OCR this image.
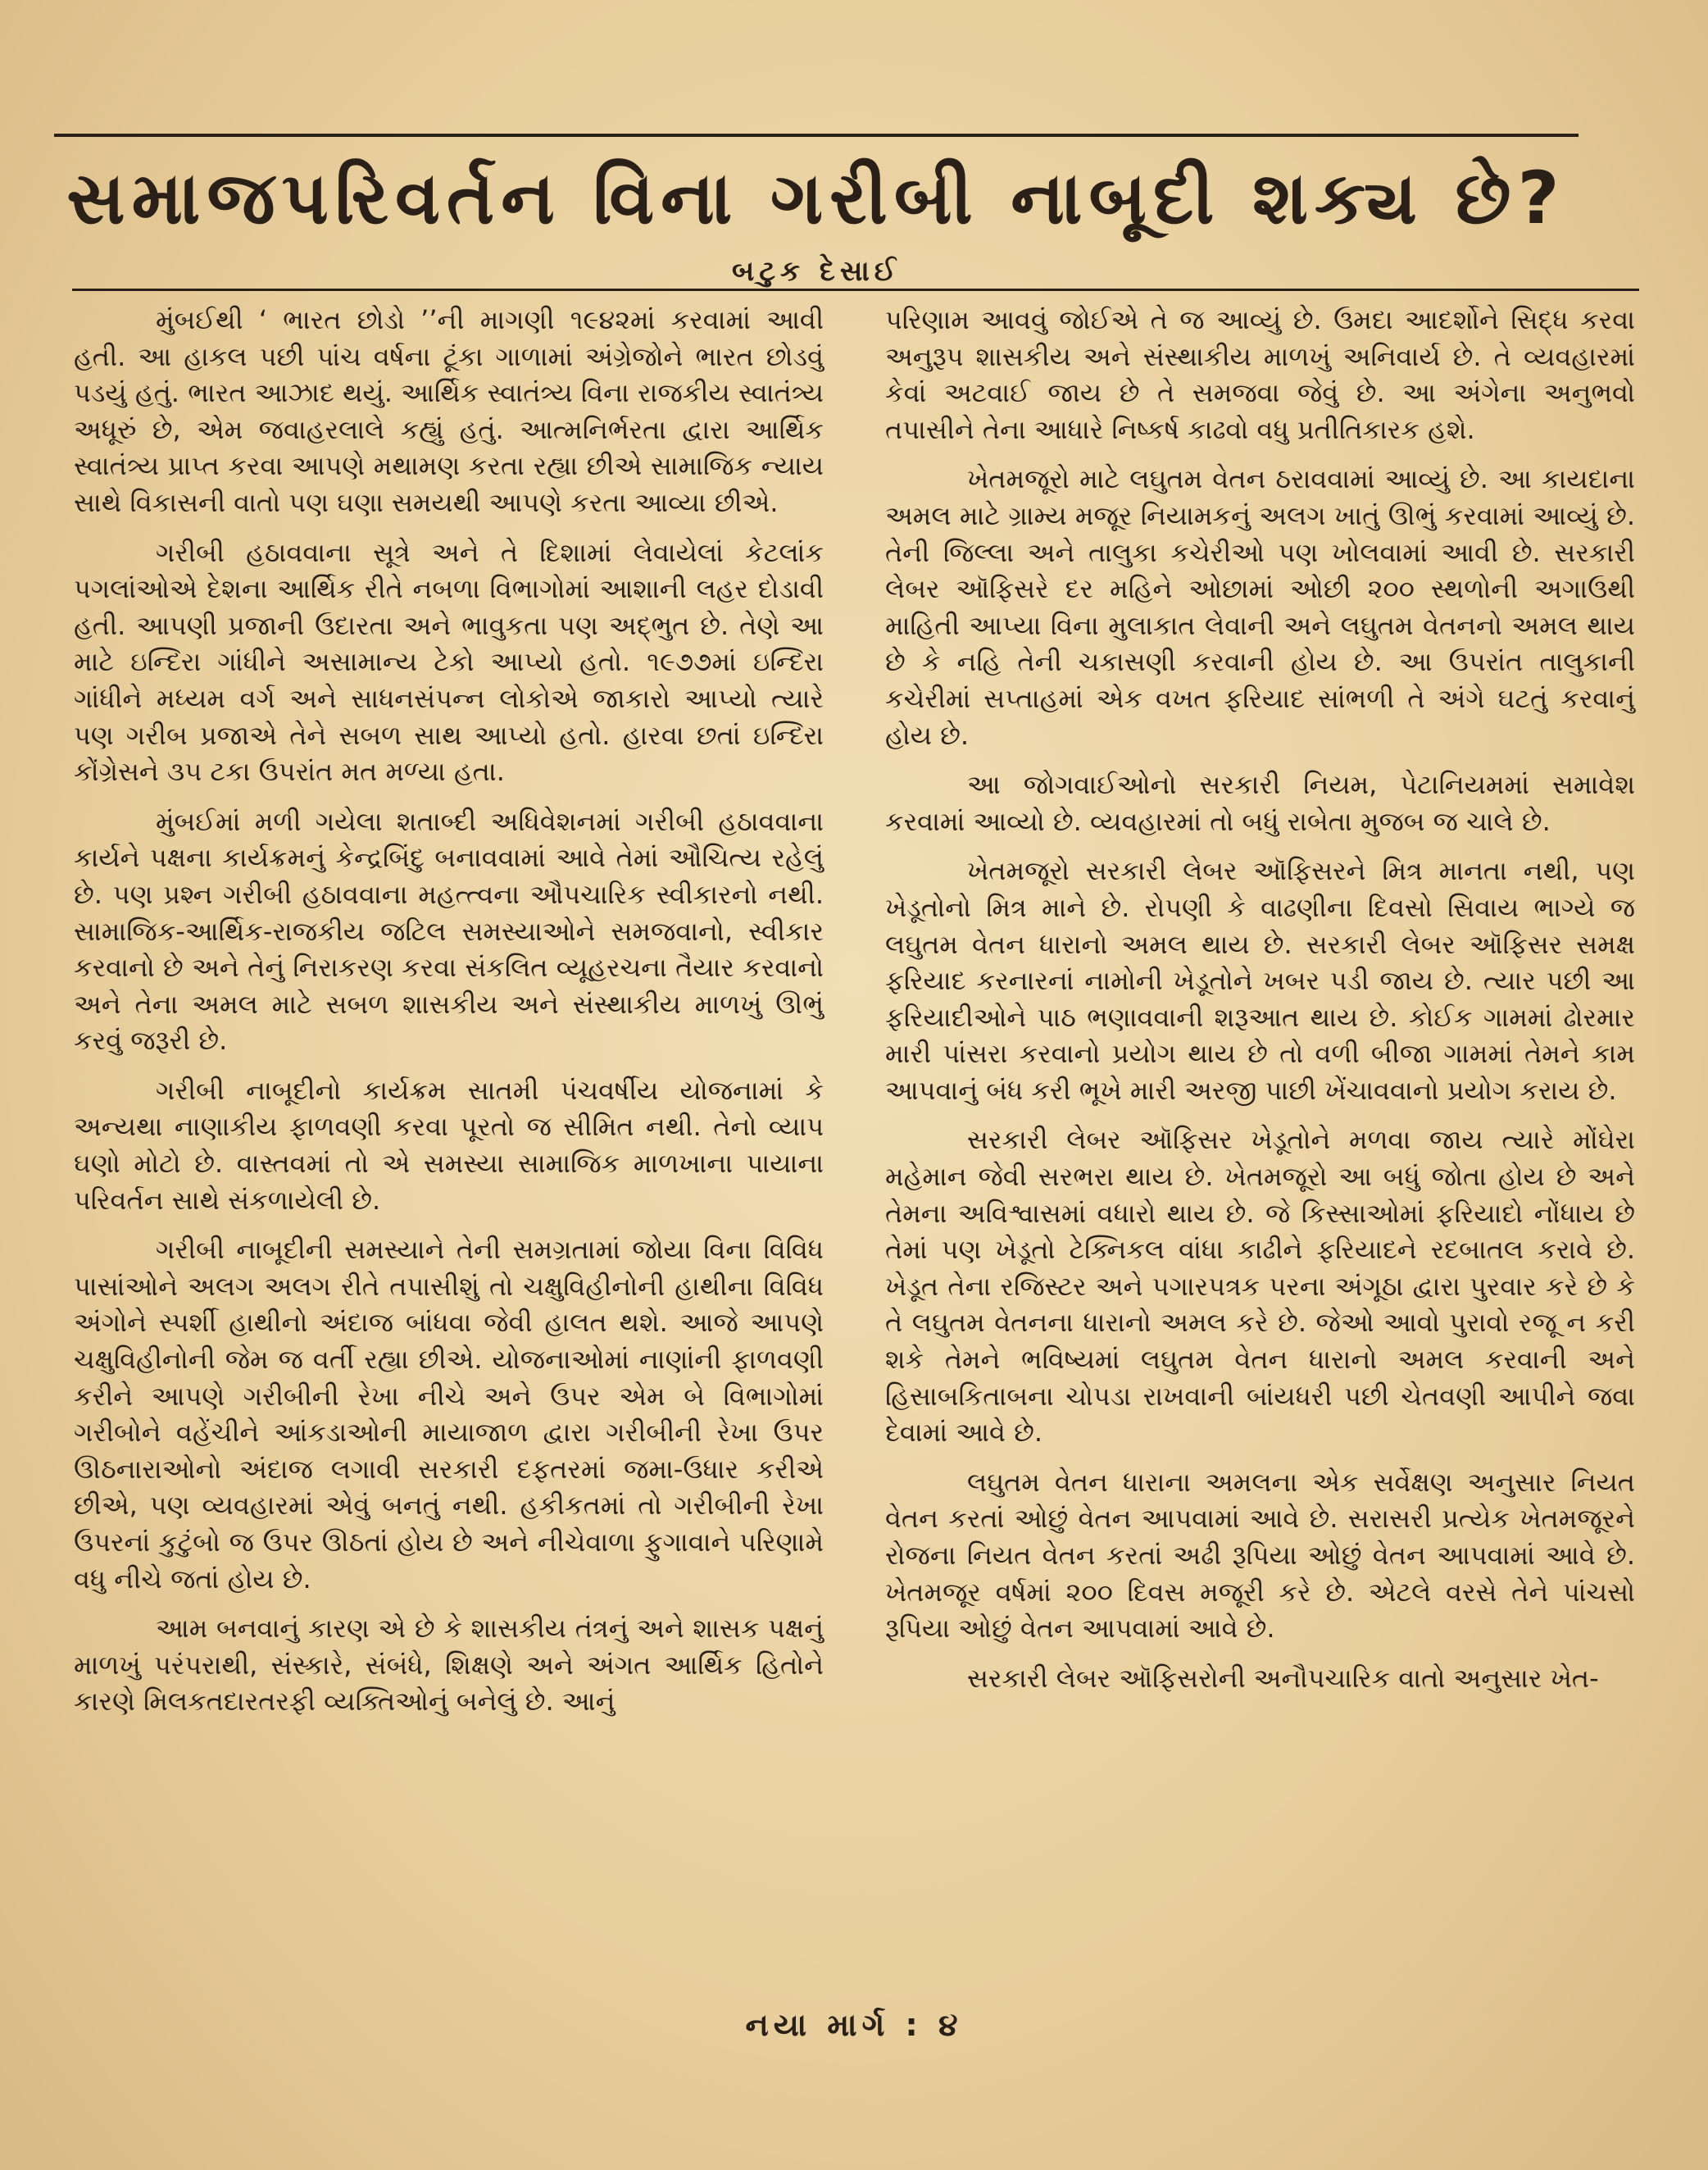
સમાજપરિવર્તન વિના ગરીબી નાબૂદી શક્ય છે?
બટુક દેસાઈ

મુંબઈથી ‘ ભારત છોડો ’’ની માગણી ૧૯૪૨માં કરવામાં આવી હતી. આ હાકલ પછી પાંચ વર્ષના ટૂંકા ગાળામાં અંગ્રેજોને ભારત છોડવું પડયું હતું. ભારત આઝાદ થયું. આર્થિક સ્વાતંત્ર્ય વિના રાજકીય સ્વાતંત્ર્ય અધૂરું છે, એમ જવાહરલાલે કહ્યું હતું. આત્મનિર્ભરતા દ્વારા આર્થિક સ્વાતંત્ર્ય પ્રાપ્ત કરવા આપણે મથામણ કરતા રહ્યા છીએ સામાજિક ન્યાય સાથે વિકાસની વાતો પણ ઘણા સમયથી આપણે કરતા આવ્યા છીએ.

ગરીબી હઠાવવાના સૂત્રે અને તે દિશામાં લેવાયેલાં કેટલાંક પગલાંઓએ દેશના આર્થિક રીતે નબળા વિભાગોમાં આશાની લહર દોડાવી હતી. આપણી પ્રજાની ઉદારતા અને ભાવુકતા પણ અદ્ભુત છે. તેણે આ માટે ઇન્દિરા ગાંધીને અસામાન્ય ટેકો આપ્યો હતો. ૧૯૭૭માં ઇન્દિરા ગાંધીને મધ્યમ વર્ગ અને સાધનસંપન્ન લોકોએ જાકારો આપ્યો ત્યારે પણ ગરીબ પ્રજાએ તેને સબળ સાથ આપ્યો હતો. હારવા છતાં ઇન્દિરા કોંગ્રેસને ૩૫ ટકા ઉપરાંત મત મળ્યા હતા.

મુંબઈમાં મળી ગયેલા શતાબ્દી અધિવેશનમાં ગરીબી હઠાવવાના કાર્યને પક્ષના કાર્યક્રમનું કેન્દ્રબિંદુ બનાવવામાં આવે તેમાં ઔચિત્ય રહેલું છે. પણ પ્રશ્ન ગરીબી હઠાવવાના મહત્ત્વના ઔપચારિક સ્વીકારનો નથી. સામાજિક-આર્થિક-રાજકીય જટિલ સમસ્યાઓને સમજવાનો, સ્વીકાર કરવાનો છે અને તેનું નિરાકરણ કરવા સંકલિત વ્યૂહરચના તૈયાર કરવાનો અને તેના અમલ માટે સબળ શાસકીય અને સંસ્થાકીય માળખું ઊભું કરવું જરૂરી છે.

ગરીબી નાબૂદીનો કાર્યક્રમ સાતમી પંચવર્ષીય યોજનામાં કે અન્યથા નાણાકીય ફાળવણી કરવા પૂરતો જ સીમિત નથી. તેનો વ્યાપ ઘણો મોટો છે. વાસ્તવમાં તો એ સમસ્યા સામાજિક માળખાના પાયાના પરિવર્તન સાથે સંકળાયેલી છે.

ગરીબી નાબૂદીની સમસ્યાને તેની સમગ્રતામાં જોયા વિના વિવિધ પાસાંઓને અલગ અલગ રીતે તપાસીશું તો ચક્ષુવિહીનોની હાથીના વિવિધ અંગોને સ્પર્શી હાથીનો અંદાજ બાંધવા જેવી હાલત થશે. આજે આપણે ચક્ષુવિહીનોની જેમ જ વર્તી રહ્યા છીએ. યોજનાઓમાં નાણાંની ફાળવણી કરીને આપણે ગરીબીની રેખા નીચે અને ઉપર એમ બે વિભાગોમાં ગરીબોને વહેંચીને આંકડાઓની માયાજાળ દ્વારા ગરીબીની રેખા ઉપર ઊઠનારાઓનો અંદાજ લગાવી સરકારી દફતરમાં જમા-ઉધાર કરીએ છીએ, પણ વ્યવહારમાં એવું બનતું નથી. હકીકતમાં તો ગરીબીની રેખા ઉપરનાં કુટુંબો જ ઉપર ઊઠતાં હોય છે અને નીચેવાળા ફુગાવાને પરિણામે વધુ નીચે જતાં હોય છે.

આમ બનવાનું કારણ એ છે કે શાસકીય તંત્રનું અને શાસક પક્ષનું માળખું પરંપરાથી, સંસ્કારે, સંબંધે, શિક્ષણે અને અંગત આર્થિક હિતોને કારણે મિલકતદારતરફી વ્યક્તિઓનું બનેલું છે. આનું

પરિણામ આવવું જોઈએ તે જ આવ્યું છે. ઉમદા આદર્શોને સિદ્ધ કરવા અનુરૂપ શાસકીય અને સંસ્થાકીય માળખું અનિવાર્ય છે. તે વ્યવહારમાં કેવાં અટવાઈ જાય છે તે સમજવા જેવું છે. આ અંગેના અનુભવો તપાસીને તેના આધારે નિષ્કર્ષ કાઢવો વધુ પ્રતીતિકારક હશે.

ખેતમજૂરો માટે લઘુતમ વેતન ઠરાવવામાં આવ્યું છે. આ કાયદાના અમલ માટે ગ્રામ્ય મજૂર નિયામકનું અલગ ખાતું ઊભું કરવામાં આવ્યું છે. તેની જિલ્લા અને તાલુકા કચેરીઓ પણ ખોલવામાં આવી છે. સરકારી લેબર ઑફિસરે દર મહિને ઓછામાં ઓછી ૨૦૦ સ્થળોની અગાઉથી માહિતી આપ્યા વિના મુલાકાત લેવાની અને લઘુતમ વેતનનો અમલ થાય છે કે નહિ તેની ચકાસણી કરવાની હોય છે. આ ઉપરાંત તાલુકાની કચેરીમાં સપ્તાહમાં એક વખત ફરિયાદ સાંભળી તે અંગે ઘટતું કરવાનું હોય છે.

આ જોગવાઈઓનો સરકારી નિયમ, પેટાનિયમમાં સમાવેશ કરવામાં આવ્યો છે. વ્યવહારમાં તો બધું રાબેતા મુજબ જ ચાલે છે.

ખેતમજૂરો સરકારી લેબર ઑફિસરને મિત્ર માનતા નથી, પણ ખેડૂતોનો મિત્ર માને છે. રોપણી કે વાઢણીના દિવસો સિવાય ભાગ્યે જ લઘુતમ વેતન ધારાનો અમલ થાય છે. સરકારી લેબર ઑફિસર સમક્ષ ફરિયાદ કરનારનાં નામોની ખેડૂતોને ખબર પડી જાય છે. ત્યાર પછી આ ફરિયાદીઓને પાઠ ભણાવવાની શરૂઆત થાય છે. કોઈક ગામમાં ઢોરમાર મારી પાંસરા કરવાનો પ્રયોગ થાય છે તો વળી બીજા ગામમાં તેમને કામ આપવાનું બંધ કરી ભૂખે મારી અરજી પાછી ખેંચાવવાનો પ્રયોગ કરાય છે.

સરકારી લેબર ઑફિસર ખેડૂતોને મળવા જાય ત્યારે મોંઘેરા મહેમાન જેવી સરભરા થાય છે. ખેતમજૂરો આ બધું જોતા હોય છે અને તેમના અવિશ્વાસમાં વધારો થાય છે. જે કિસ્સાઓમાં ફરિયાદો નોંધાય છે તેમાં પણ ખેડૂતો ટેક્નિકલ વાંધા કાઢીને ફરિયાદને રદબાતલ કરાવે છે. ખેડૂત તેના રજિસ્ટર અને પગારપત્રક પરના અંગૂઠા દ્વારા પુરવાર કરે છે કે તે લઘુતમ વેતનના ધારાનો અમલ કરે છે. જેઓ આવો પુરાવો રજૂ ન કરી શકે તેમને ભવિષ્યમાં લઘુતમ વેતન ધારાનો અમલ કરવાની અને હિસાબકિતાબના ચોપડા રાખવાની બાંયધરી પછી ચેતવણી આપીને જવા દેવામાં આવે છે.

લઘુતમ વેતન ધારાના અમલના એક સર્વેક્ષણ અનુસાર નિયત વેતન કરતાં ઓછું વેતન આપવામાં આવે છે. સરાસરી પ્રત્યેક ખેતમજૂરને રોજના નિયત વેતન કરતાં અઢી રૂપિયા ઓછું વેતન આપવામાં આવે છે. ખેતમજૂર વર્ષમાં ૨૦૦ દિવસ મજૂરી કરે છે. એટલે વરસે તેને પાંચસો રૂપિયા ઓછું વેતન આપવામાં આવે છે.

સરકારી લેબર ઑફિસરોની અનૌપચારિક વાતો અનુસાર ખેત-

નયા માર્ગ : ૪
